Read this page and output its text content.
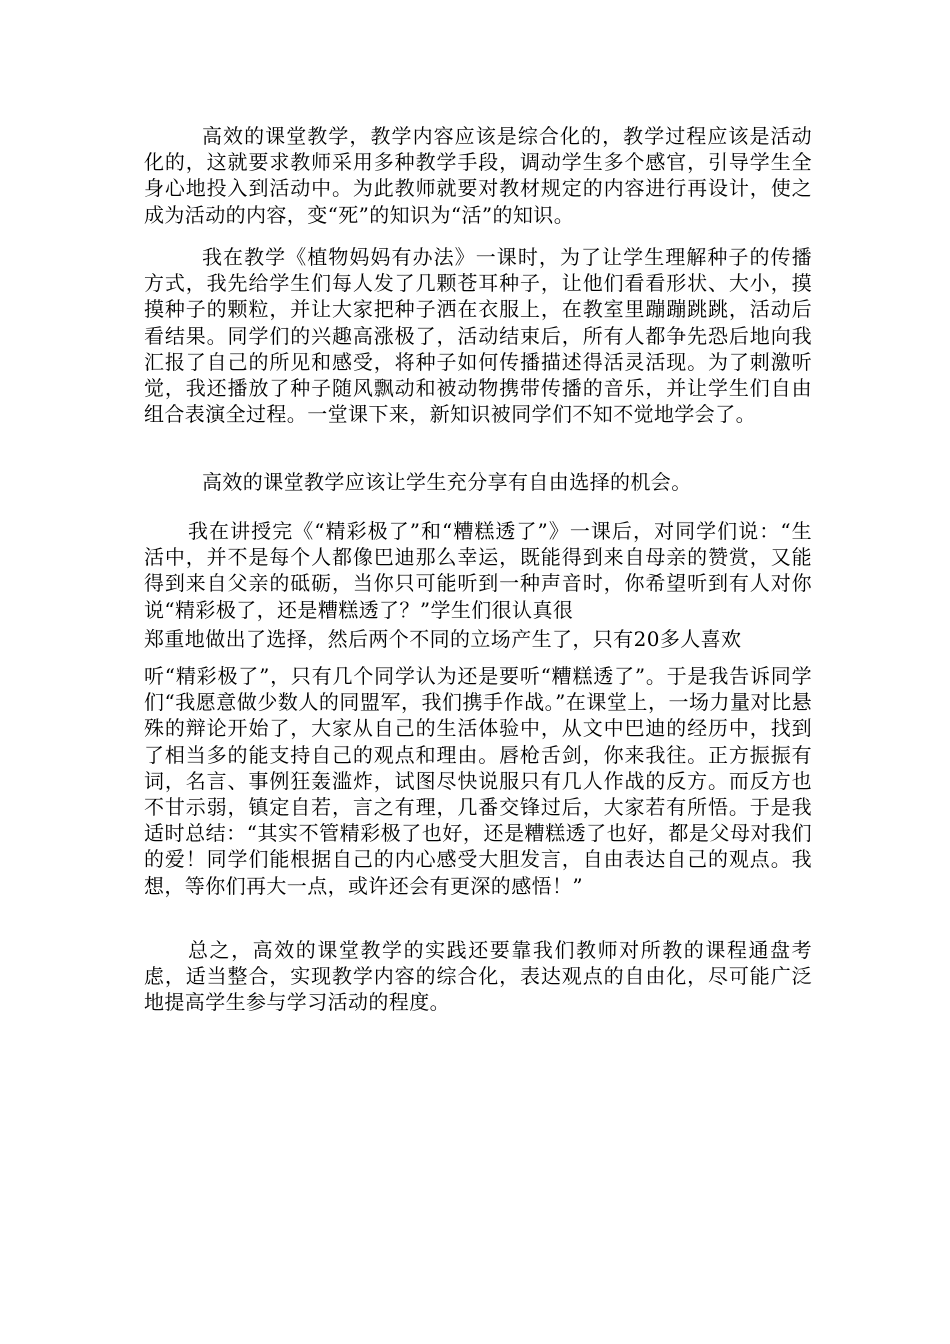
高效的课堂教学，教学内容应该是综合化的，教学过程应该是活动化的，这就要求教师采用多种教学手段，调动学生多个感官，引导学生全身心地投入到活动中。为此教师就要对教材规定的内容进行再设计，使之成为活动的内容，变“死”的知识为“活”的知识。

我在教学《植物妈妈有办法》一课时，为了让学生理解种子的传播方式，我先给学生们每人发了几颗苍耳种子，让他们看看形状、大小，摸摸种子的颗粒，并让大家把种子洒在衣服上，在教室里蹦蹦跳跳，活动后看结果。同学们的兴趣高涨极了，活动结束后，所有人都争先恐后地向我汇报了自己的所见和感受，将种子如何传播描述得活灵活现。为了刺激听觉，我还播放了种子随风飘动和被动物携带传播的音乐，并让学生们自由组合表演全过程。一堂课下来，新知识被同学们不知不觉地学会了。

高效的课堂教学应该让学生充分享有自由选择的机会。

我在讲授完《“精彩极了”和“糟糕透了”》一课后，对同学们说：“生活中，并不是每个人都像巴迪那么幸运，既能得到来自母亲的赞赏，又能得到来自父亲的砥砺，当你只可能听到一种声音时，你希望听到有人对你说“精彩极了，还是糟糕透了？”学生们很认真很

郑重地做出了选择，然后两个不同的立场产生了，只有20多人喜欢

听“精彩极了”，只有几个同学认为还是要听“糟糕透了”。于是我告诉同学们“我愿意做少数人的同盟军，我们携手作战。”在课堂上，一场力量对比悬殊的辩论开始了，大家从自己的生活体验中，从文中巴迪的经历中，找到了相当多的能支持自己的观点和理由。唇枪舌剑，你来我往。正方振振有词，名言、事例狂轰滥炸，试图尽快说服只有几人作战的反方。而反方也不甘示弱，镇定自若，言之有理，几番交锋过后，大家若有所悟。于是我适时总结：“其实不管精彩极了也好，还是糟糕透了也好，都是父母对我们的爱！同学们能根据自己的内心感受大胆发言，自由表达自己的观点。我想，等你们再大一点，或许还会有更深的感悟！”

总之，高效的课堂教学的实践还要靠我们教师对所教的课程通盘考虑，适当整合，实现教学内容的综合化，表达观点的自由化，尽可能广泛地提高学生参与学习活动的程度。
